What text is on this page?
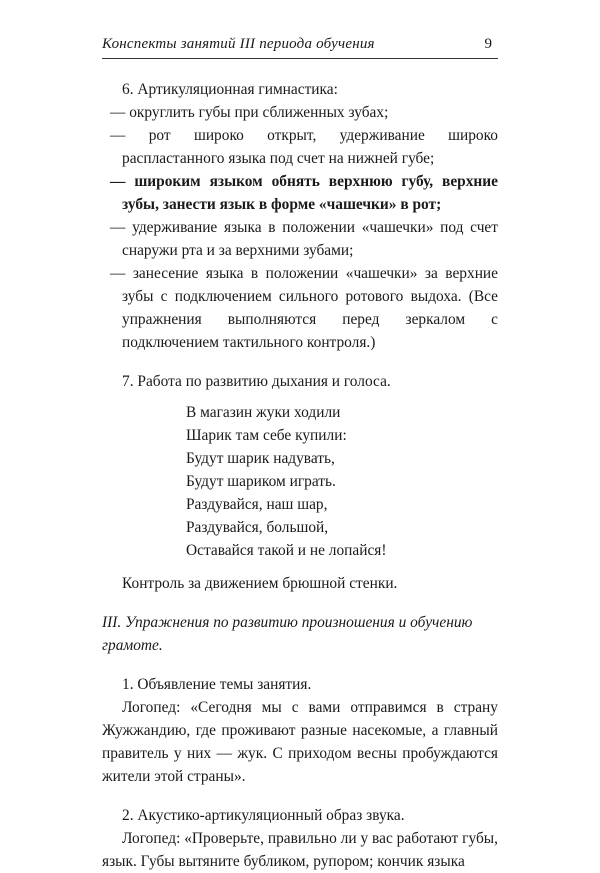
Конспекты занятий III периода обучения	9

6. Артикуляционная гимнастика:

— округлить губы при сближенных зубах;

— рот широко открыт, удерживание широко распластанного языка под счет на нижней губе;

— широким языком обнять верхнюю губу, верхние зубы, занести язык в форме «чашечки» в рот;

— удерживание языка в положении «чашечки» под счет снаружи рта и за верхними зубами;

— занесение языка в положении «чашечки» за верхние зубы с подключением сильного ротового выдоха. (Все упражнения выполняются перед зеркалом с подключением тактильного контроля.)

7. Работа по развитию дыхания и голоса.

В магазин жуки ходили
Шарик там себе купили:
Будут шарик надувать,
Будут шариком играть.
Раздувайся, наш шар,
Раздувайся, большой,
Оставайся такой и не лопайся!

Контроль за движением брюшной стенки.

III. Упражнения по развитию произношения и обучению грамоте.

1. Объявление темы занятия.

Логопед: «Сегодня мы с вами отправимся в страну Жужжандию, где проживают разные насекомые, а главный правитель у них — жук. С приходом весны пробуждаются жители этой страны».

2. Акустико-артикуляционный образ звука.

Логопед: «Проверьте, правильно ли у вас работают губы, язык. Губы вытяните бубликом, рупором; кончик языка
